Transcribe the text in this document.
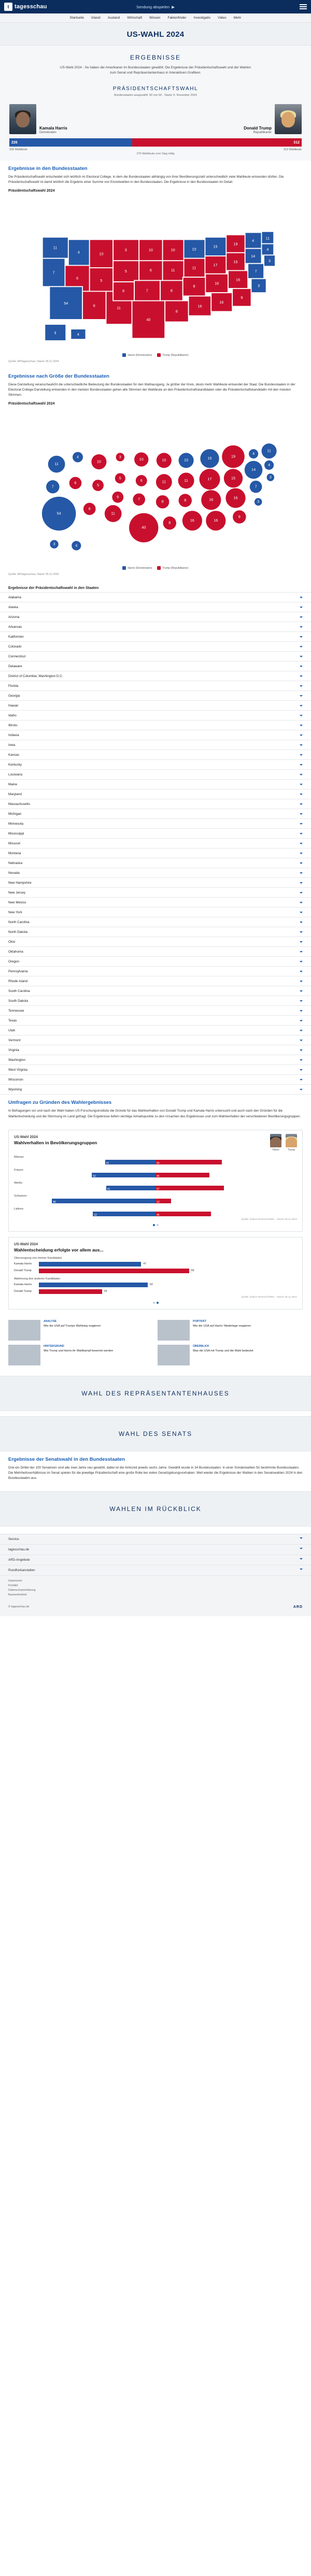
t tagesschau	Sendung abspielen ▶
Startseite Inland Ausland Wirtschaft Wissen Faktenfinder Investigativ Video Mehr
US-WAHL 2024
ERGEBNISSE

US-Wahl 2024 - So haben die Amerikaner im Bundesstaaten gewählt: Die Ergebnisse der Präsidentschaftswahl und der Wahlen zum Senat und Repräsentantenhaus in Interaktiven Grafiken.

PRÄSIDENTSCHAFTSWAHL
Bundesstaaten ausgezählt: 50 von 50 · Stand: 6. November 2024
Kamala Harris
Demokraten
Donald Trump
Republikaner
226	312
226 Wahlleute	312 Wahlleute
270 Wahlleute zum Sieg nötig
Ergebnisse in den Bundesstaaten

Die Präsidentschaftswahl entscheidet sich letztlich im Electoral College, in dem die Bundesstaaten abhängig von ihrer Bevölkerungszahl unterschiedlich viele Wahlleute entsenden dürfen. Die Präsidentschaftswahl ist damit letztlich die Ergebnis einer Summe von Einzelwahlen in den Bundesstaaten. Die Ergebnisse in den Bundesstaaten im Detail.

Präsidentschaftswahl 2024
11
4	10
7
6
5
54
6
11
3
5
6
40
10
6
7
10
11
8
8
10
11
8
16
15
17
16
16
19
15
16
9
4
14
7
3
11
4
3
3	4
Harris (Demokraten)	Trump (Republikaner)
Quelle: AP/tagesschau; Stand: 06.11.2024
Ergebnisse nach Größe der Bundesstaaten

Diese Darstellung veranschaulicht die unterschiedliche Bedeutung der Bundesstaaten für den Wahlausgang. Je größer der Kreis, desto mehr Wahlleute entsendet der Staat. Die Bundesstaaten in der Electoral-College-Darstellung entsenden in den meisten Bundesstaaten gehen alle Stimmen der Wahlleute an den Präsidentschaftskandidaten oder die Präsidentschaftskandidatin mit den meisten Stimmen.

Präsidentschaftswahl 2024
11
4
10
7
6
5
54
6
11
3
5
6
40
10
6
7
10
11
8
8
10
11
8
16
15
17
16
16
19
15
16
9
4
14
7
3
11
4
3
3	4
Harris (Demokraten)	Trump (Republikaner)
Quelle: AP/tagesschau; Stand: 06.11.2024
Ergebnisse der Präsidentschaftswahl in den Staaten
Alabama
Alaska
Arizona
Arkansas
Kalifornien
Colorado
Connecticut
Delaware
District of Columbia, Washington D.C.
Florida
Georgia
Hawaii
Idaho
Illinois
Indiana
Iowa
Kansas
Kentucky
Louisiana
Maine
Maryland
Massachusetts
Michigan
Minnesota
Mississippi
Missouri
Montana
Nebraska
Nevada
New Hampshire
New Jersey
New Mexico
New York
North Carolina
North Dakota
Ohio
Oklahoma
Oregon
Pennsylvania
Rhode Island
South Carolina
South Dakota
Tennessee
Texas
Utah
Vermont
Virginia
Washington
West Virginia
Wisconsin
Wyoming
Umfragen zu Gründen des Wahlergebnisses

In Befragungen vor und nach der Wahl haben US-Forschungsinstitute die Gründe für das Wahlverhalten von Donald Trump und Kamala Harris untersucht und auch nach den Gründen für die Wahlentscheidung und die Stimmung im Land gefragt. Die Ergebnisse liefern wichtige Anhaltspunkte zu den Ursachen des Ergebnisses und zum Wahlverhalten der verschiedenen Bevölkerungsgruppen.

US-Wahl 2024
Wahlverhalten in Bevölkerungsgruppen
Harris	Trump
Männer
42	55
Frauen
53	45
Weiße
41	57
Schwarze
86	13
Latinos
52	46
Quelle: Edison Research/NBC · Stand: 06.11.2024
US-Wahl 2024
Wahlentscheidung erfolgte vor allem aus...
Überzeugung von meiner Kandidatin/
Kamala Harris	47
Donald Trump	69
Ablehnung des anderen Kandidaten
Kamala Harris	50
Donald Trump	29
Quelle: Edison Research/NBC · Stand: 06.11.2024
ANALYSE
Wie die USA auf Trumps Wahlsieg reagieren
PORTRÄT
Wie die USA auf Harris' Niederlage reagieren
HINTERGRUND
Wie Trump und Harris ihr Wahlkampf bewertet werden
ÜBERBLICK
Was die USA mit Trump und die Wahl bedeutet
WAHL DES REPRÄSENTANTENHAUSES
WAHL DES SENATS
Ergebnisse der Senatswahl in den Bundesstaaten

Drei ein Drittel der 100 Senatoren sind alle zwei Jahre neu gewählt, dabei ist die Amtszeit jeweils sechs Jahre. Gewählt wurde in 34 Bundesstaaten. In einer Sonderwahlen für bestimmte Bundesstaaten. Die Mehrheitsverhältnisse im Senat spielen für die jeweilige Präsidentschaft eine große Rolle bei vielen Gesetzgebungsvorhaben. Weil wieder die Ergebnisse der Wahlen in den Senatswahlen 2024 in den Bundesstaaten aus.

WAHLEN IM RÜCKBLICK
Service
tagesschau.de
ARD-Angebote
Rundfunkanstalten
Impressum
Kontakt
Datenschutzerklärung
Barrierefreiheit
© tagesschau.de	ARD
